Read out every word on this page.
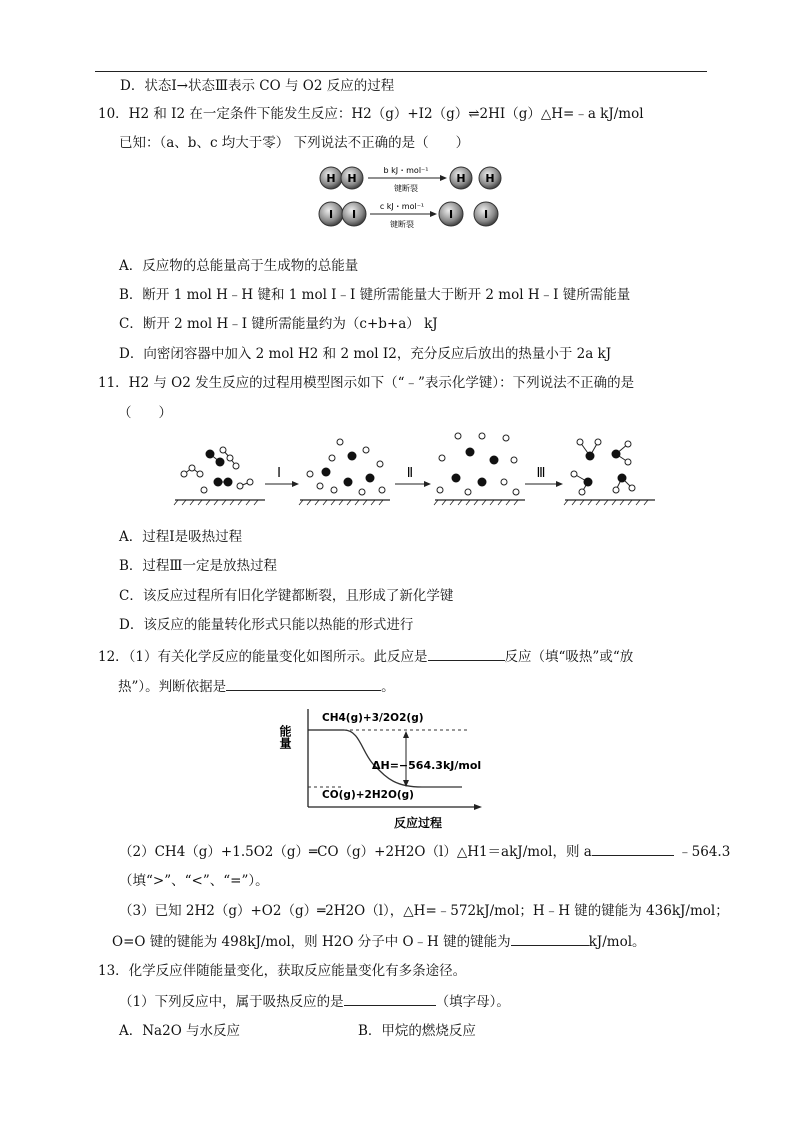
D．状态Ⅰ→状态Ⅲ表示 CO 与 O2 反应的过程
10．H2 和 I2 在一定条件下能发生反应：H2（g）+I2（g）⇌2HI（g）△H=﹣a kJ/mol
已知：（a、b、c 均大于零） 下列说法不正确的是（　　）
H H
b kJ・mol⁻¹
键断裂
H H
I I
c kJ・mol⁻¹
键断裂
I	I
A．反应物的总能量高于生成物的总能量
B．断开 1 mol H﹣H 键和 1 mol I﹣I 键所需能量大于断开 2 mol H﹣I 键所需能量
C．断开 2 mol H﹣I 键所需能量约为（c+b+a） kJ
D．向密闭容器中加入 2 mol H2 和 2 mol I2，充分反应后放出的热量小于 2a kJ
11．H2 与 O2 发生反应的过程用模型图示如下（“﹣”表示化学键）：下列说法不正确的是
（　　）
Ⅰ	Ⅱ	Ⅲ
A．过程Ⅰ是吸热过程
B．过程Ⅲ一定是放热过程
C．该反应过程所有旧化学键都断裂，且形成了新化学键
D．该反应的能量转化形式只能以热能的形式进行
12．（1）有关化学反应的能量变化如图所示。此反应是	反应（填“吸热”或“放
热”）。判断依据是	。
能量
反应过程
CH4(g)+3/2O2(g)
CO(g)+2H2O(g)
ΔH=−564.3kJ/mol
（2）CH4（g）+1.5O2（g）═CO（g）+2H2O（l）△H1＝akJ/mol，则 a	﹣564.3
（填“>”、“<”、“=”）。
（3）已知 2H2（g）+O2（g）═2H2O（l），△H=﹣572kJ/mol；H﹣H 键的键能为 436kJ/mol；
O=O 键的键能为 498kJ/mol，则 H2O 分子中 O﹣H 键的键能为	kJ/mol。
13．化学反应伴随能量变化，获取反应能量变化有多条途径。
（1）下列反应中，属于吸热反应的是	（填字母）。
A．Na2O 与水反应	B．甲烷的燃烧反应
